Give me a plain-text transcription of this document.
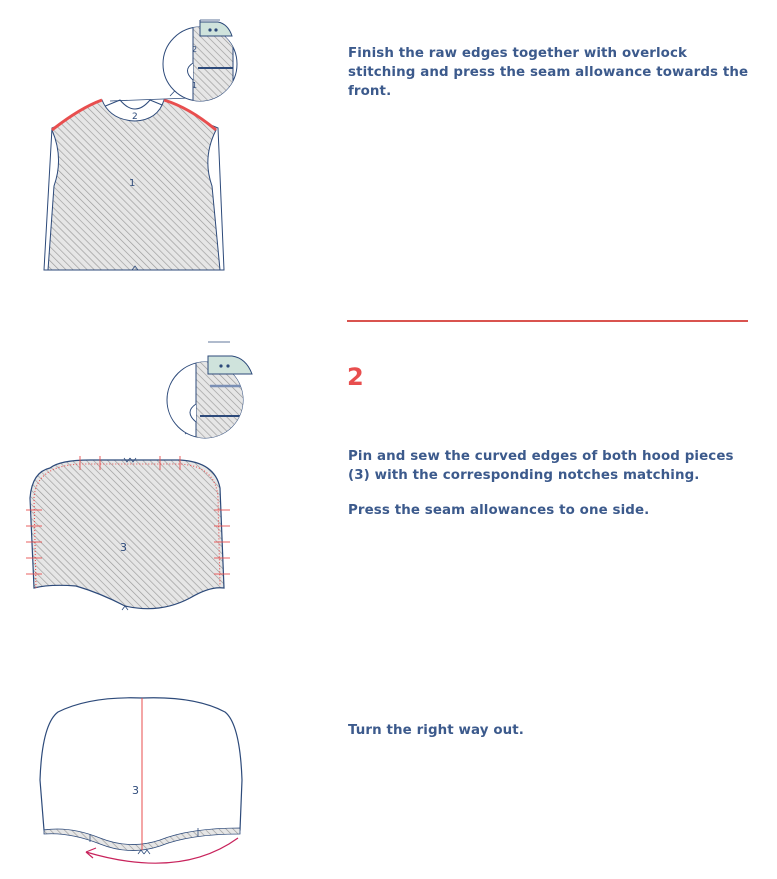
2
1
2
1

Finish the raw edges together with overlock stitching and press the seam allowance towards the front.

3
2

Pin and sew the curved edges of both hood pieces (3) with the corresponding notches matching.

Press the seam allowances to one side.

3

Turn the right way out.
